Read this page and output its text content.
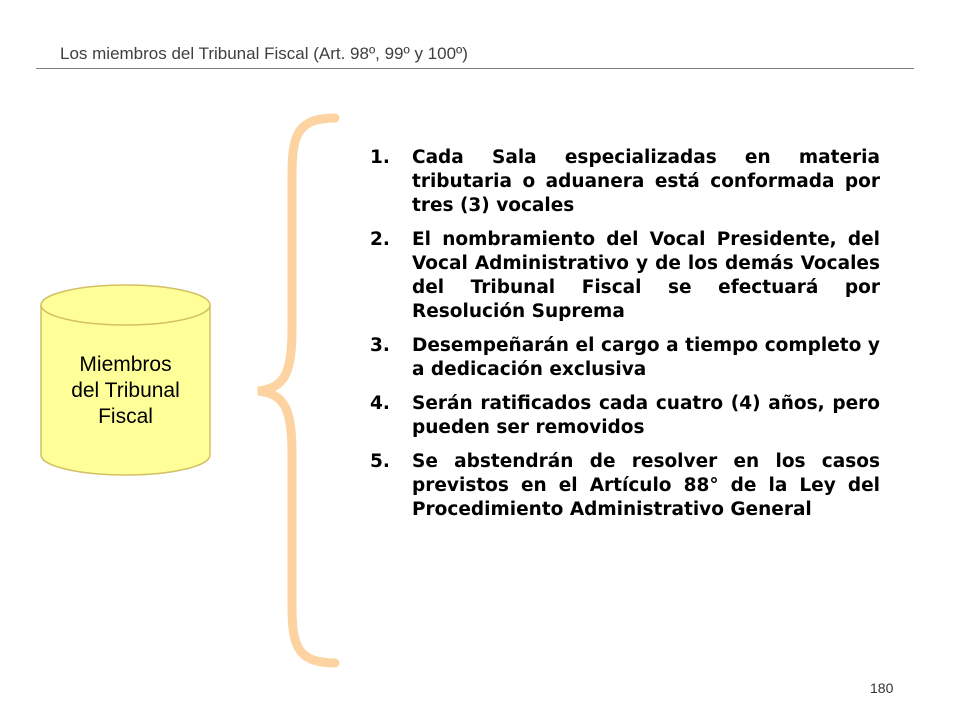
Los miembros del Tribunal Fiscal (Art. 98º, 99º y 100º)
Miembros
del Tribunal
Fiscal
1.	Cada Sala especializadas en materia tributaria o aduanera está conformada por tres (3) vocales
2.	El nombramiento del Vocal Presidente, del Vocal Administrativo y de los demás Vocales del Tribunal Fiscal se efectuará por Resolución Suprema
3.	Desempeñarán el cargo a tiempo completo y a dedicación exclusiva
4.	Serán ratificados cada cuatro (4) años, pero pueden ser removidos
5.	Se abstendrán de resolver en los casos previstos en el Artículo 88° de la Ley del Procedimiento Administrativo General
180
